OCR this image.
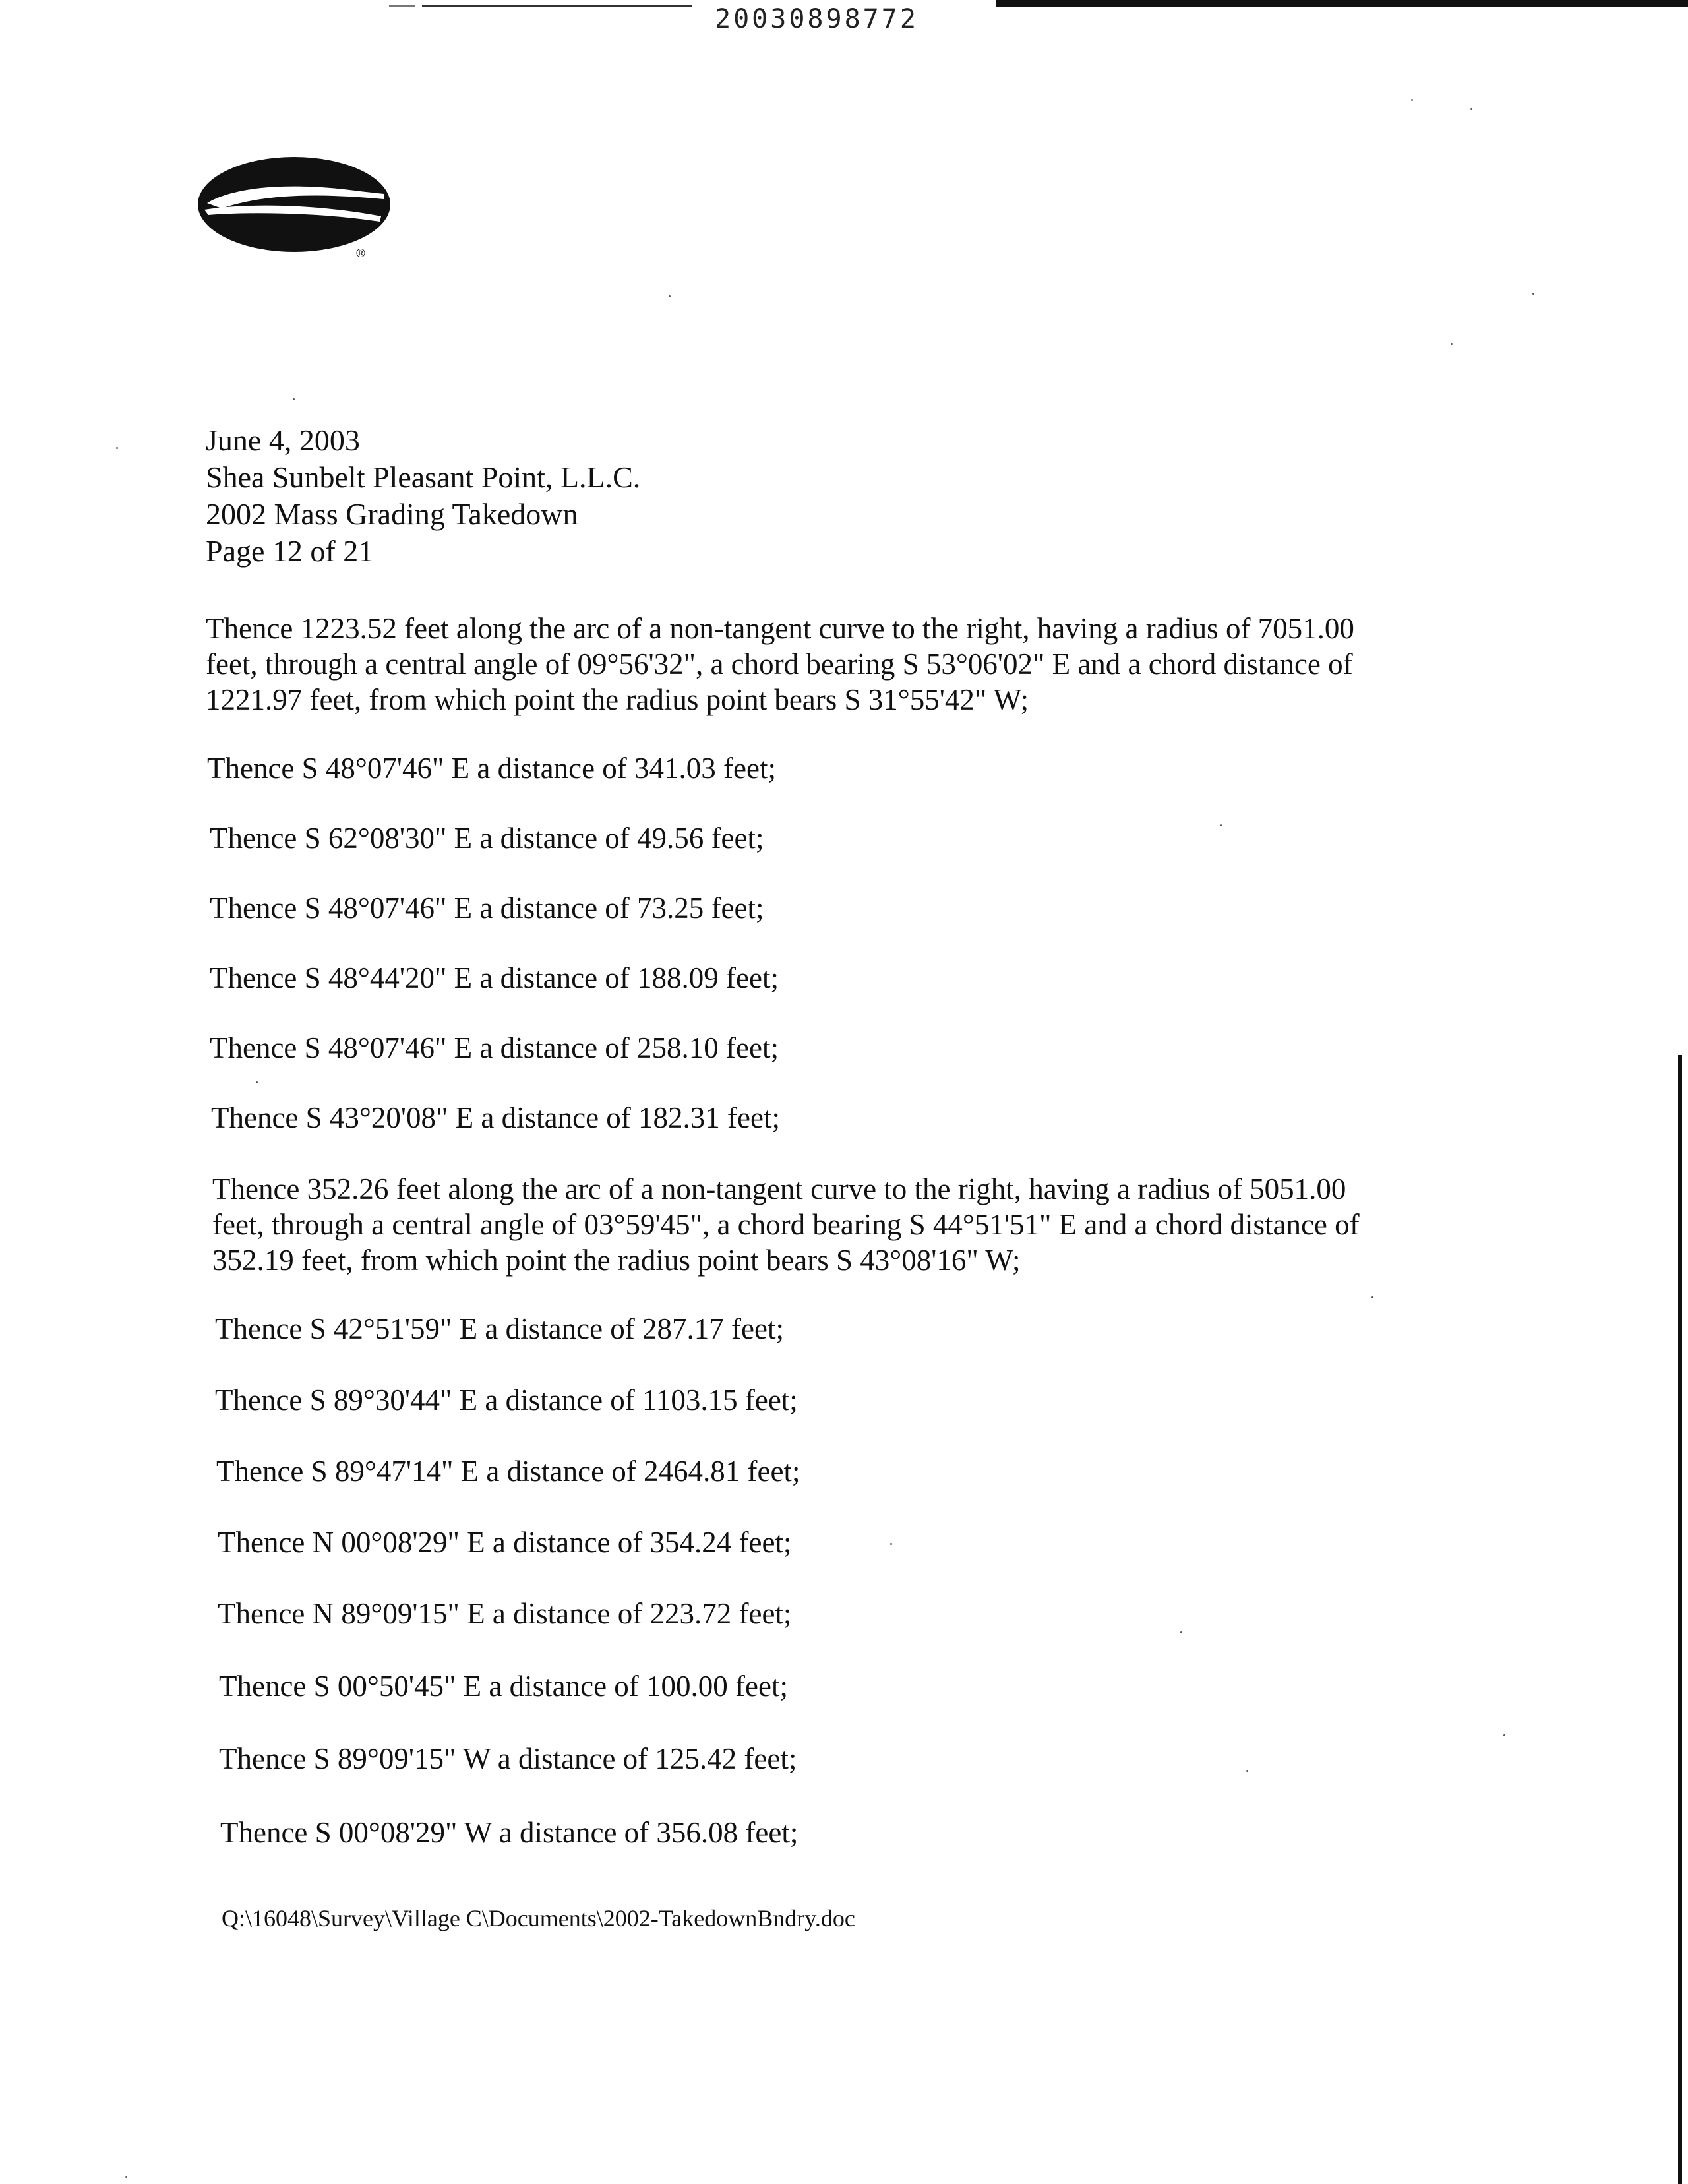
20030898772
®
June 4, 2003
Shea Sunbelt Pleasant Point, L.L.C.
2002 Mass Grading Takedown
Page 12 of 21
Thence 1223.52 feet along the arc of a non-tangent curve to the right, having a radius of 7051.00
feet, through a central angle of 09°56'32", a chord bearing S 53°06'02" E and a chord distance of
1221.97 feet, from which point the radius point bears S 31°55'42" W;
Thence S 48°07'46" E a distance of 341.03 feet;
Thence S 62°08'30" E a distance of 49.56 feet;
Thence S 48°07'46" E a distance of 73.25 feet;
Thence S 48°44'20" E a distance of 188.09 feet;
Thence S 48°07'46" E a distance of 258.10 feet;
Thence S 43°20'08" E a distance of 182.31 feet;
Thence 352.26 feet along the arc of a non-tangent curve to the right, having a radius of 5051.00
feet, through a central angle of 03°59'45", a chord bearing S 44°51'51" E and a chord distance of
352.19 feet, from which point the radius point bears S 43°08'16" W;
Thence S 42°51'59" E a distance of 287.17 feet;
Thence S 89°30'44" E a distance of 1103.15 feet;
Thence S 89°47'14" E a distance of 2464.81 feet;
Thence N 00°08'29" E a distance of 354.24 feet;
Thence N 89°09'15" E a distance of 223.72 feet;
Thence S 00°50'45" E a distance of 100.00 feet;
Thence S 89°09'15" W a distance of 125.42 feet;
Thence S 00°08'29" W a distance of 356.08 feet;
Q:\16048\Survey\Village C\Documents\2002-TakedownBndry.doc
